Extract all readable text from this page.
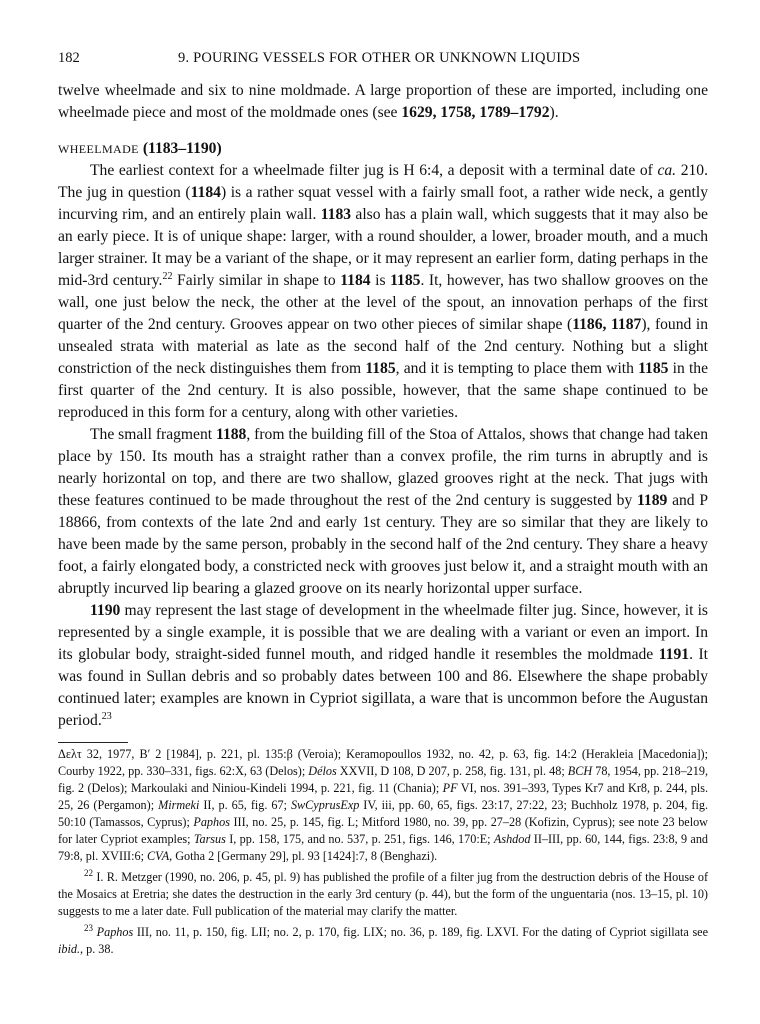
182	9. POURING VESSELS FOR OTHER OR UNKNOWN LIQUIDS

twelve wheelmade and six to nine moldmade. A large proportion of these are imported, including one wheelmade piece and most of the moldmade ones (see 1629, 1758, 1789–1792).

WHEELMADE (1183–1190)

The earliest context for a wheelmade filter jug is H 6:4, a deposit with a terminal date of ca. 210. The jug in question (1184) is a rather squat vessel with a fairly small foot, a rather wide neck, a gently incurving rim, and an entirely plain wall. 1183 also has a plain wall, which suggests that it may also be an early piece. It is of unique shape: larger, with a round shoulder, a lower, broader mouth, and a much larger strainer. It may be a variant of the shape, or it may represent an earlier form, dating perhaps in the mid-3rd century.$^{22}$ Fairly similar in shape to 1184 is 1185. It, however, has two shallow grooves on the wall, one just below the neck, the other at the level of the spout, an innovation perhaps of the first quarter of the 2nd century. Grooves appear on two other pieces of similar shape (1186, 1187), found in unsealed strata with material as late as the second half of the 2nd century. Nothing but a slight constriction of the neck distinguishes them from 1185, and it is tempting to place them with 1185 in the first quarter of the 2nd century. It is also possible, however, that the same shape continued to be reproduced in this form for a century, along with other varieties.

The small fragment 1188, from the building fill of the Stoa of Attalos, shows that change had taken place by 150. Its mouth has a straight rather than a convex profile, the rim turns in abruptly and is nearly horizontal on top, and there are two shallow, glazed grooves right at the neck. That jugs with these features continued to be made throughout the rest of the 2nd century is suggested by 1189 and P 18866, from contexts of the late 2nd and early 1st century. They are so similar that they are likely to have been made by the same person, probably in the second half of the 2nd century. They share a heavy foot, a fairly elongated body, a constricted neck with grooves just below it, and a straight mouth with an abruptly incurved lip bearing a glazed groove on its nearly horizontal upper surface.

1190 may represent the last stage of development in the wheelmade filter jug. Since, however, it is represented by a single example, it is possible that we are dealing with a variant or even an import. In its globular body, straight-sided funnel mouth, and ridged handle it resembles the moldmade 1191. It was found in Sullan debris and so probably dates between 100 and 86. Elsewhere the shape probably continued later; examples are known in Cypriot sigillata, a ware that is uncommon before the Augustan period.$^{23}$

Δελτ 32, 1977, Β′ 2 [1984], p. 221, pl. 135:β (Veroia); Keramopoullos 1932, no. 42, p. 63, fig. 14:2 (Herakleia [Macedonia]); Courby 1922, pp. 330–331, figs. 62:X, 63 (Delos); Délos XXVII, D 108, D 207, p. 258, fig. 131, pl. 48; BCH 78, 1954, pp. 218–219, fig. 2 (Delos); Markoulaki and Niniou-Kindeli 1994, p. 221, fig. 11 (Chania); PF VI, nos. 391–393, Types Kr7 and Kr8, p. 244, pls. 25, 26 (Pergamon); Mirmeki II, p. 65, fig. 67; SwCyprusExp IV, iii, pp. 60, 65, figs. 23:17, 27:22, 23; Buchholz 1978, p. 204, fig. 50:10 (Tamassos, Cyprus); Paphos III, no. 25, p. 145, fig. L; Mitford 1980, no. 39, pp. 27–28 (Kofizin, Cyprus); see note 23 below for later Cypriot examples; Tarsus I, pp. 158, 175, and no. 537, p. 251, figs. 146, 170:E; Ashdod II–III, pp. 60, 144, figs. 23:8, 9 and 79:8, pl. XVIII:6; CVA, Gotha 2 [Germany 29], pl. 93 [1424]:7, 8 (Benghazi).

$^{22}$ I. R. Metzger (1990, no. 206, p. 45, pl. 9) has published the profile of a filter jug from the destruction debris of the House of the Mosaics at Eretria; she dates the destruction in the early 3rd century (p. 44), but the form of the unguentaria (nos. 13–15, pl. 10) suggests to me a later date. Full publication of the material may clarify the matter.

$^{23}$ Paphos III, no. 11, p. 150, fig. LII; no. 2, p. 170, fig. LIX; no. 36, p. 189, fig. LXVI. For the dating of Cypriot sigillata see ibid., p. 38.
